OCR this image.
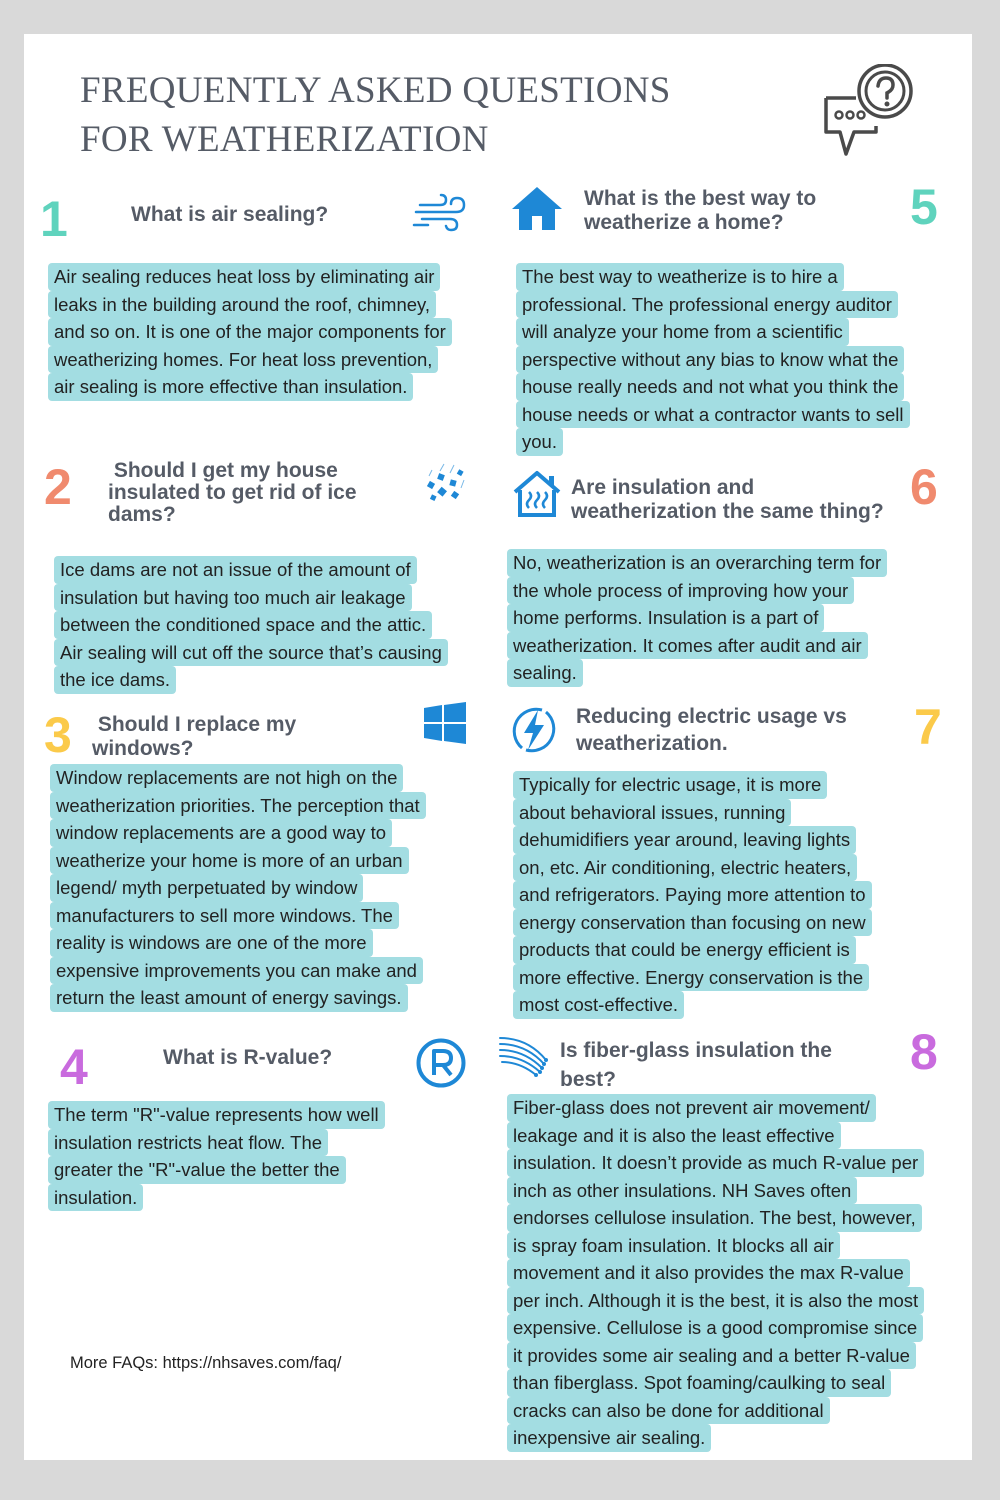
FREQUENTLY ASKED QUESTIONS
FOR WEATHERIZATION
1	What is air sealing?
Air sealing reduces heat loss by eliminating air
leaks in the building around the roof, chimney,
and so on. It is one of the major components for
weatherizing homes. For heat loss prevention,
air sealing is more effective than insulation.
2 Should I get my house
insulated to get rid of ice
dams?
Ice dams are not an issue of the amount of
insulation but having too much air leakage
between the conditioned space and the attic.
Air sealing will cut off the source that’s causing
the ice dams.
3 Should I replace my
windows?
Window replacements are not high on the
weatherization priorities. The perception that
window replacements are a good way to
weatherize your home is more of an urban
legend/ myth perpetuated by window
manufacturers to sell more windows. The
reality is windows are one of the more
expensive improvements you can make and
return the least amount of energy savings.
4	What is R-value?
The term "R"-value represents how well
insulation restricts heat flow. The
greater the "R"-value the better the
insulation.
What is the best way to
weatherize a home?	5
The best way to weatherize is to hire a
professional. The professional energy auditor
will analyze your home from a scientific
perspective without any bias to know what the
house really needs and not what you think the
house needs or what a contractor wants to sell
you.
Are insulation and
weatherization the same thing? 6
No, weatherization is an overarching term for
the whole process of improving how your
home performs. Insulation is a part of
weatherization. It comes after audit and air
sealing.
Reducing electric usage vs
weatherization.	7
Typically for electric usage, it is more
about behavioral issues, running
dehumidifiers year around, leaving lights
on, etc. Air conditioning, electric heaters,
and refrigerators. Paying more attention to
energy conservation than focusing on new
products that could be energy efficient is
more effective. Energy conservation is the
most cost-effective.
Is fiber-glass insulation the
best?	8
Fiber-glass does not prevent air movement/
leakage and it is also the least effective
insulation. It doesn’t provide as much R-value per
inch as other insulations. NH Saves often
endorses cellulose insulation. The best, however,
is spray foam insulation. It blocks all air
movement and it also provides the max R-value
per inch. Although it is the best, it is also the most
expensive. Cellulose is a good compromise since
it provides some air sealing and a better R-value
than fiberglass. Spot foaming/caulking to seal
cracks can also be done for additional
inexpensive air sealing.
More FAQs: https://nhsaves.com/faq/
